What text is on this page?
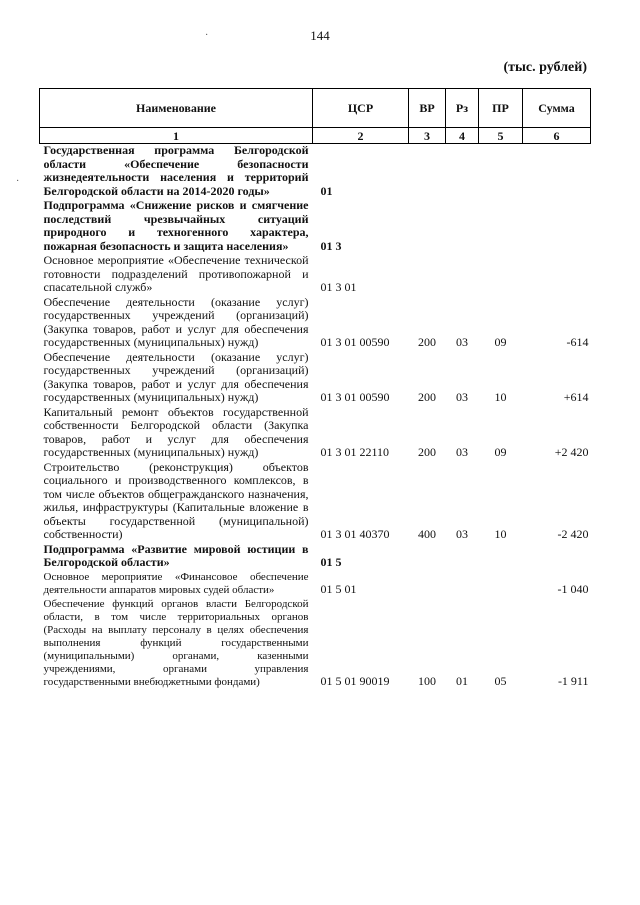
144
(тыс. рублей)
Наименование	ЦСР	ВР	Рз	ПР	Сумма
1	2	3	4	5	6
Государственная программа Белгородской области «Обеспечение безопасности жизнедеятельности населения и территорий Белгородской области на 2014-2020 годы»	01				
Подпрограмма «Снижение рисков и смягчение последствий чрезвычайных ситуаций природного и техногенного характера, пожарная безопасность и защита населения»	01 3				
Основное мероприятие «Обеспечение технической готовности подразделений противопожарной и спасательной служб»	01 3 01				
Обеспечение деятельности (оказание услуг) государственных учреждений (организаций) (Закупка товаров, работ и услуг для обеспечения государственных (муниципальных) нужд)	01 3 01 00590	200	03	09	-614
Обеспечение деятельности (оказание услуг) государственных учреждений (организаций) (Закупка товаров, работ и услуг для обеспечения государственных (муниципальных) нужд)	01 3 01 00590	200	03	10	+614
Капитальный ремонт объектов государственной собственности Белгородской области (Закупка товаров, работ и услуг для обеспечения государственных (муниципальных) нужд)	01 3 01 22110	200	03	09	+2 420
Строительство (реконструкция) объектов социального и производственного комплексов, в том числе объектов общегражданского назначения, жилья, инфраструктуры (Капитальные вложение в объекты государственной (муниципальной) собственности)	01 3 01 40370	400	03	10	-2 420
Подпрограмма «Развитие мировой юстиции в Белгородской области»	01 5				
Основное мероприятие «Финансовое обеспечение деятельности аппаратов мировых судей области»	01 5 01				-1 040
Обеспечение функций органов власти Белгородской области, в том числе территориальных органов (Расходы на выплату персоналу в целях обеспечения выполнения функций государственными (муниципальными) органами, казенными учреждениями, органами управления государственными внебюджетными фондами)	01 5 01 90019	100	01	05	-1 911
·
·
